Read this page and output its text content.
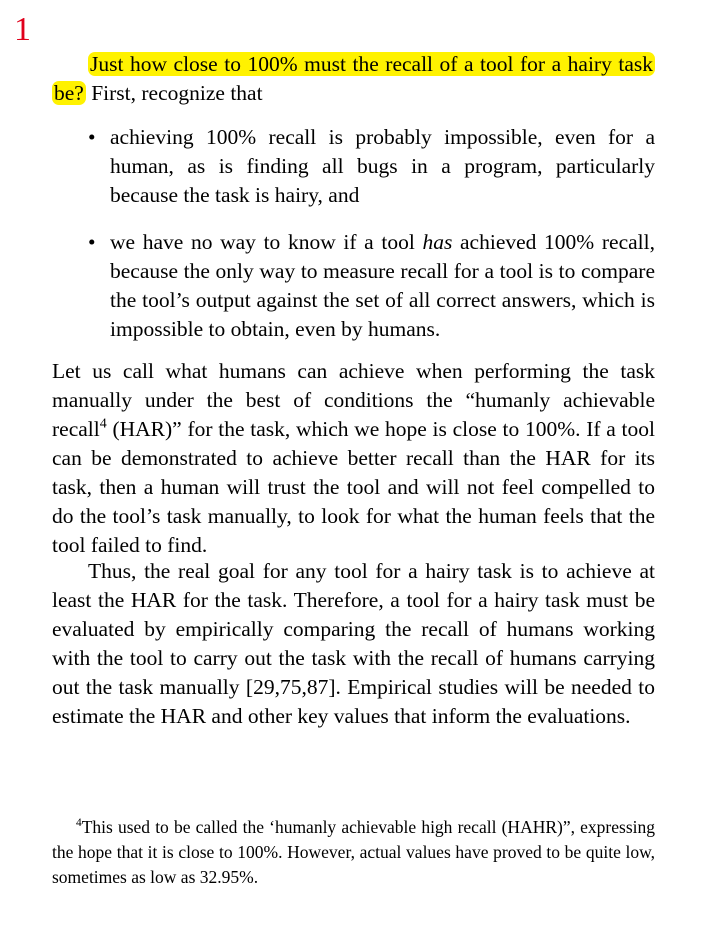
1
Just how close to 100% must the recall of a tool for a hairy task be? First, recognize that
• achieving 100% recall is probably impossible, even for a human, as is finding all bugs in a program, particularly because the task is hairy, and
• we have no way to know if a tool has achieved 100% recall, because the only way to measure recall for a tool is to compare the tool’s output against the set of all correct answers, which is impossible to obtain, even by humans.
Let us call what humans can achieve when performing the task manually under the best of conditions the “humanly achievable recall$^4$ (HAR)” for the task, which we hope is close to 100%. If a tool can be demonstrated to achieve better recall than the HAR for its task, then a human will trust the tool and will not feel compelled to do the tool’s task manually, to look for what the human feels that the tool failed to find.
Thus, the real goal for any tool for a hairy task is to achieve at least the HAR for the task. Therefore, a tool for a hairy task must be evaluated by empirically comparing the recall of humans working with the tool to carry out the task with the recall of humans carrying out the task manually [29,75,87]. Empirical studies will be needed to estimate the HAR and other key values that inform the evaluations.
$^4$This used to be called the ‘humanly achievable high recall (HAHR)”, expressing the hope that it is close to 100%. However, actual values have proved to be quite low, sometimes as low as 32.95%.
